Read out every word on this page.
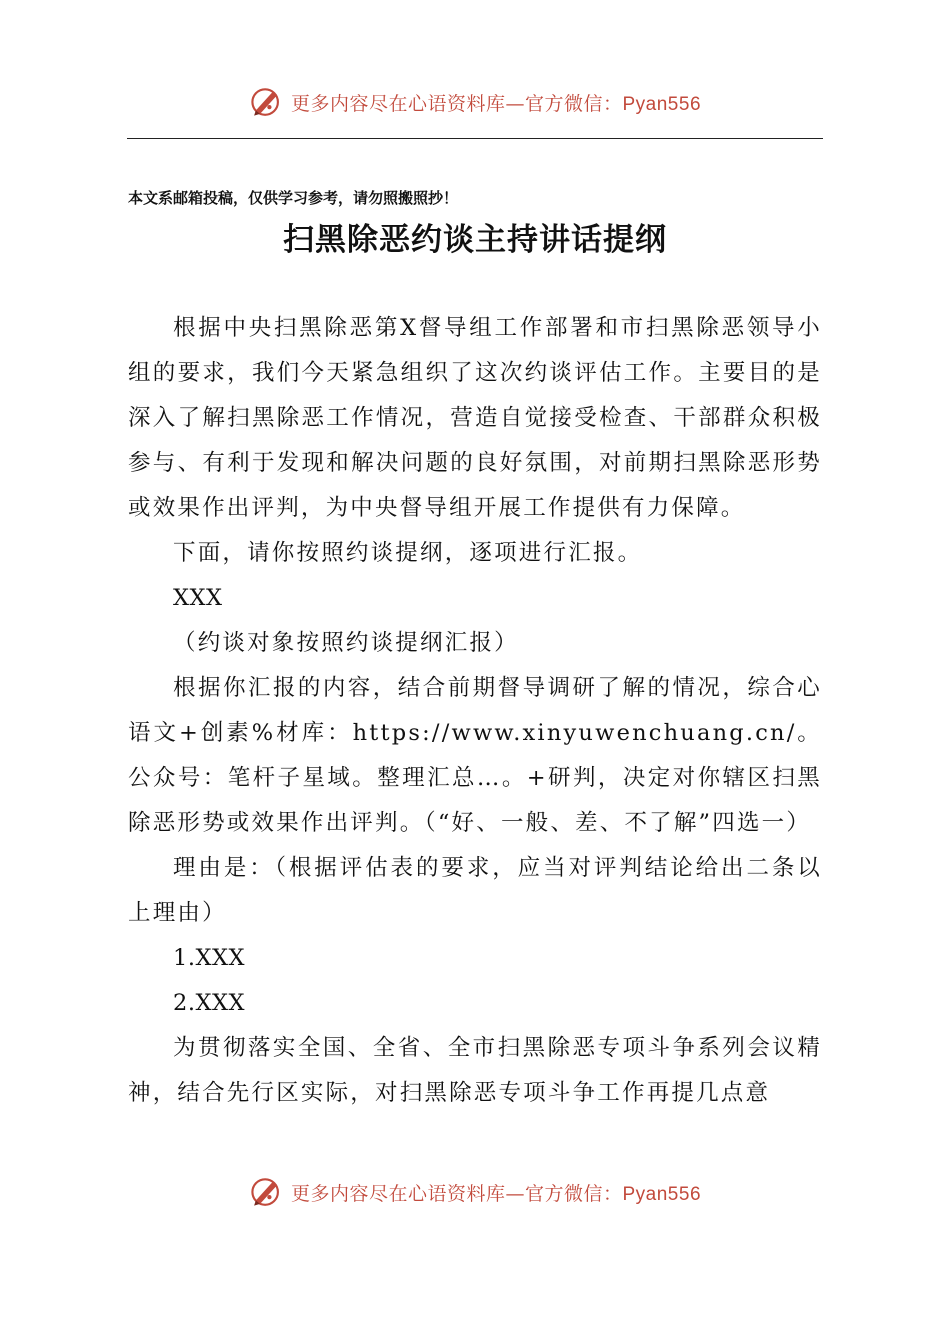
更多内容尽在心语资料库—官方微信：Pyan556
本文系邮箱投稿，仅供学习参考，请勿照搬照抄！
扫黑除恶约谈主持讲话提纲

根据中央扫黑除恶第X督导组工作部署和市扫黑除恶领导小组的要求，我们今天紧急组织了这次约谈评估工作。主要目的是深入了解扫黑除恶工作情况，营造自觉接受检查、干部群众积极参与、有利于发现和解决问题的良好氛围，对前期扫黑除恶形势或效果作出评判，为中央督导组开展工作提供有力保障。

下面，请你按照约谈提纲，逐项进行汇报。

XXX

（约谈对象按照约谈提纲汇报）

根据你汇报的内容，结合前期督导调研了解的情况，综合心语文+创素%材库：https://www.xinyuwenchuang.cn/。公众号：笔杆子星域。整理汇总…。+研判，决定对你辖区扫黑除恶形势或效果作出评判。（“好、一般、差、不了解”四选一）

理由是：（根据评估表的要求，应当对评判结论给出二条以上理由）

1.XXX

2.XXX

为贯彻落实全国、全省、全市扫黑除恶专项斗争系列会议精神，结合先行区实际，对扫黑除恶专项斗争工作再提几点意

更多内容尽在心语资料库—官方微信：Pyan556
